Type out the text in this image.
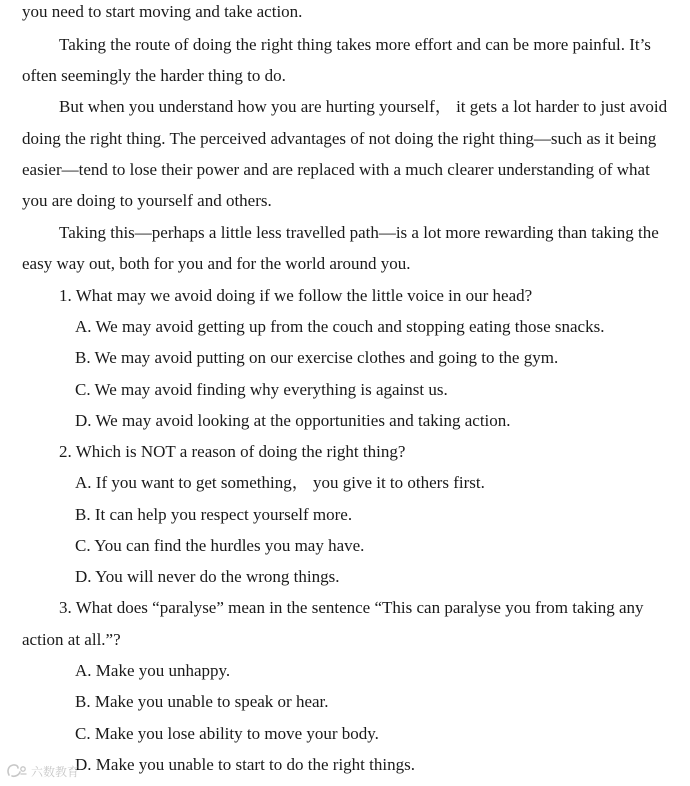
you need to start moving and take action.
Taking the route of doing the right thing takes more effort and can be more painful. It’s
often seemingly the harder thing to do.
But when you understand how you are hurting yourself， it gets a lot harder to just avoid
doing the right thing. The perceived advantages of not doing the right thing—such as it being
easier—tend to lose their power and are replaced with a much clearer understanding of what
you are doing to yourself and others.
Taking this—perhaps a little less travelled path—is a lot more rewarding than taking the
easy way out, both for you and for the world around you.
1. What may we avoid doing if we follow the little voice in our head?
A. We may avoid getting up from the couch and stopping eating those snacks.
B. We may avoid putting on our exercise clothes and going to the gym.
C. We may avoid finding why everything is against us.
D. We may avoid looking at the opportunities and taking action.
2. Which is NOT a reason of doing the right thing?
A. If you want to get something， you give it to others first.
B. It can help you respect yourself more.
C. You can find the hurdles you may have.
D. You will never do the wrong things.
3. What does “paralyse” mean in the sentence “This can paralyse you from taking any
action at all.”?
A. Make you unhappy.
B. Make you unable to speak or hear.
C. Make you lose ability to move your body.
D. Make you unable to start to do the right things.
六数教育
